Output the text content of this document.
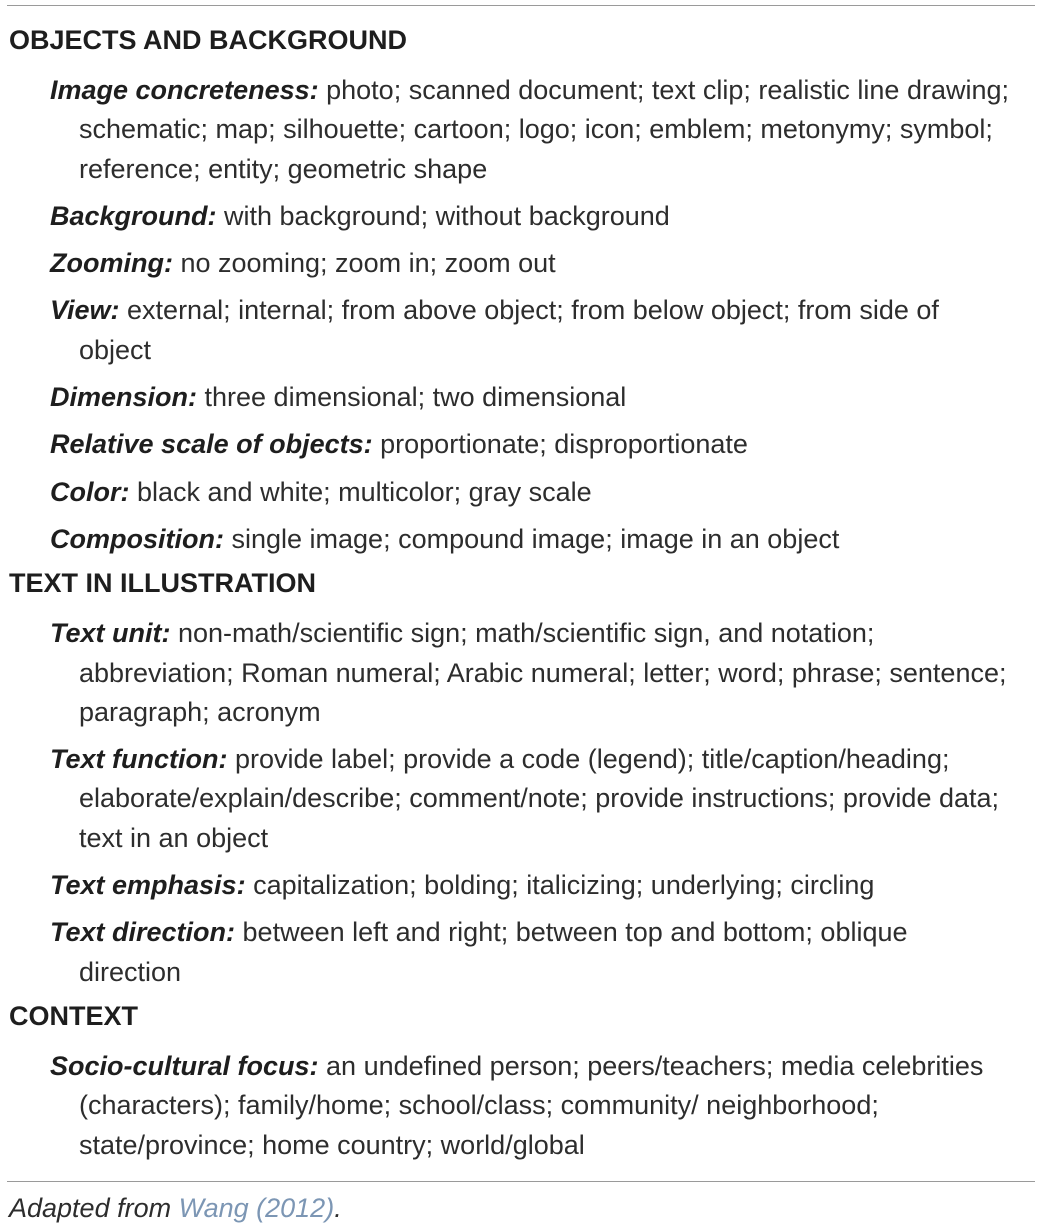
OBJECTS AND BACKGROUND

Image concreteness: photo; scanned document; text clip; realistic line drawing; schematic; map; silhouette; cartoon; logo; icon; emblem; metonymy; symbol; reference; entity; geometric shape

Background: with background; without background

Zooming: no zooming; zoom in; zoom out

View: external; internal; from above object; from below object; from side of object

Dimension: three dimensional; two dimensional

Relative scale of objects: proportionate; disproportionate

Color: black and white; multicolor; gray scale

Composition: single image; compound image; image in an object

TEXT IN ILLUSTRATION

Text unit: non-math/scientific sign; math/scientific sign, and notation; abbreviation; Roman numeral; Arabic numeral; letter; word; phrase; sentence; paragraph; acronym

Text function: provide label; provide a code (legend); title/caption/heading; elaborate/explain/describe; comment/note; provide instructions; provide data; text in an object

Text emphasis: capitalization; bolding; italicizing; underlying; circling

Text direction: between left and right; between top and bottom; oblique direction

CONTEXT

Socio-cultural focus: an undefined person; peers/teachers; media celebrities (characters); family/home; school/class; community/ neighborhood; state/province; home country; world/global

Adapted from Wang (2012).
